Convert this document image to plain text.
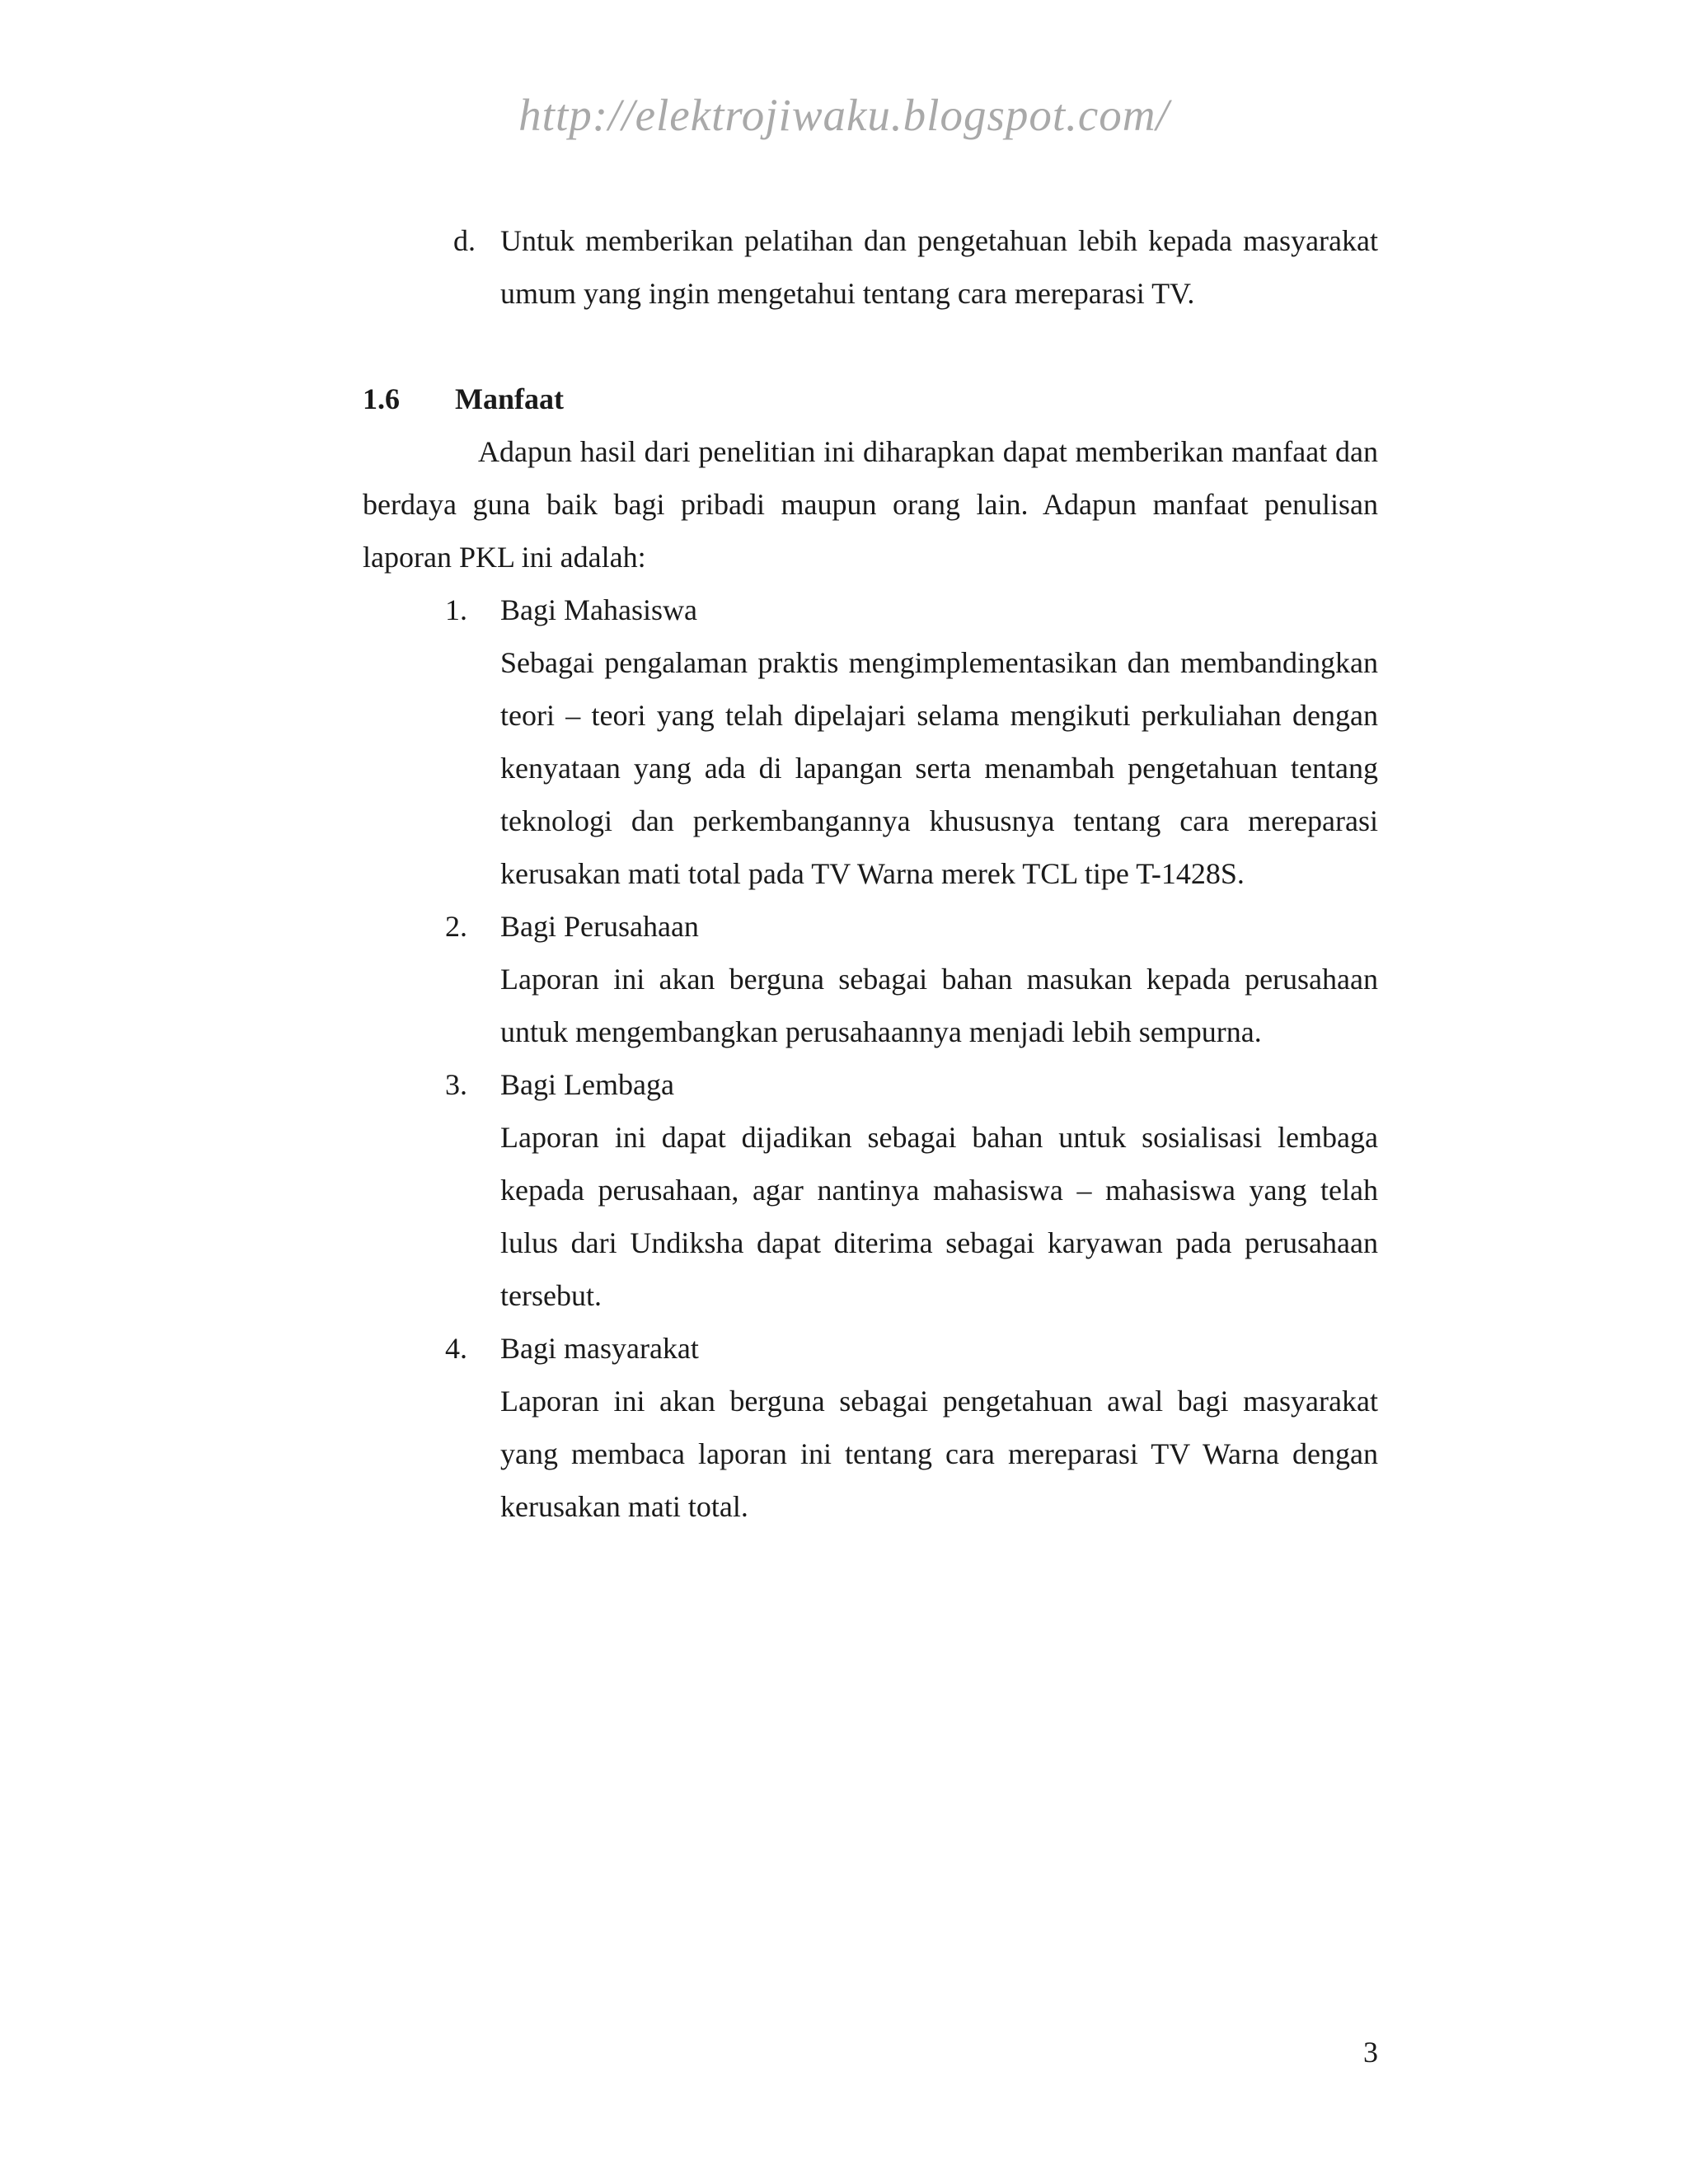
http://elektrojiwaku.blogspot.com/
d. Untuk memberikan pelatihan dan pengetahuan lebih kepada masyarakat umum yang ingin mengetahui tentang cara mereparasi TV.
1.6	Manfaat

Adapun hasil dari penelitian ini diharapkan dapat memberikan manfaat dan berdaya guna baik bagi pribadi maupun orang lain. Adapun manfaat penulisan laporan PKL ini adalah:

1. Bagi Mahasiswa
Sebagai pengalaman praktis mengimplementasikan dan membandingkan teori – teori yang telah dipelajari selama mengikuti perkuliahan dengan kenyataan yang ada di lapangan serta menambah pengetahuan tentang teknologi dan perkembangannya khususnya tentang cara mereparasi kerusakan mati total pada TV Warna merek TCL tipe T-1428S.
2. Bagi Perusahaan
Laporan ini akan berguna sebagai bahan masukan kepada perusahaan untuk mengembangkan perusahaannya menjadi lebih sempurna.
3. Bagi Lembaga
Laporan ini dapat dijadikan sebagai bahan untuk sosialisasi lembaga kepada perusahaan, agar nantinya mahasiswa – mahasiswa yang telah lulus dari Undiksha dapat diterima sebagai karyawan pada perusahaan tersebut.
4. Bagi masyarakat
Laporan ini akan berguna sebagai pengetahuan awal bagi masyarakat yang membaca laporan ini tentang cara mereparasi TV Warna dengan kerusakan mati total.
3
